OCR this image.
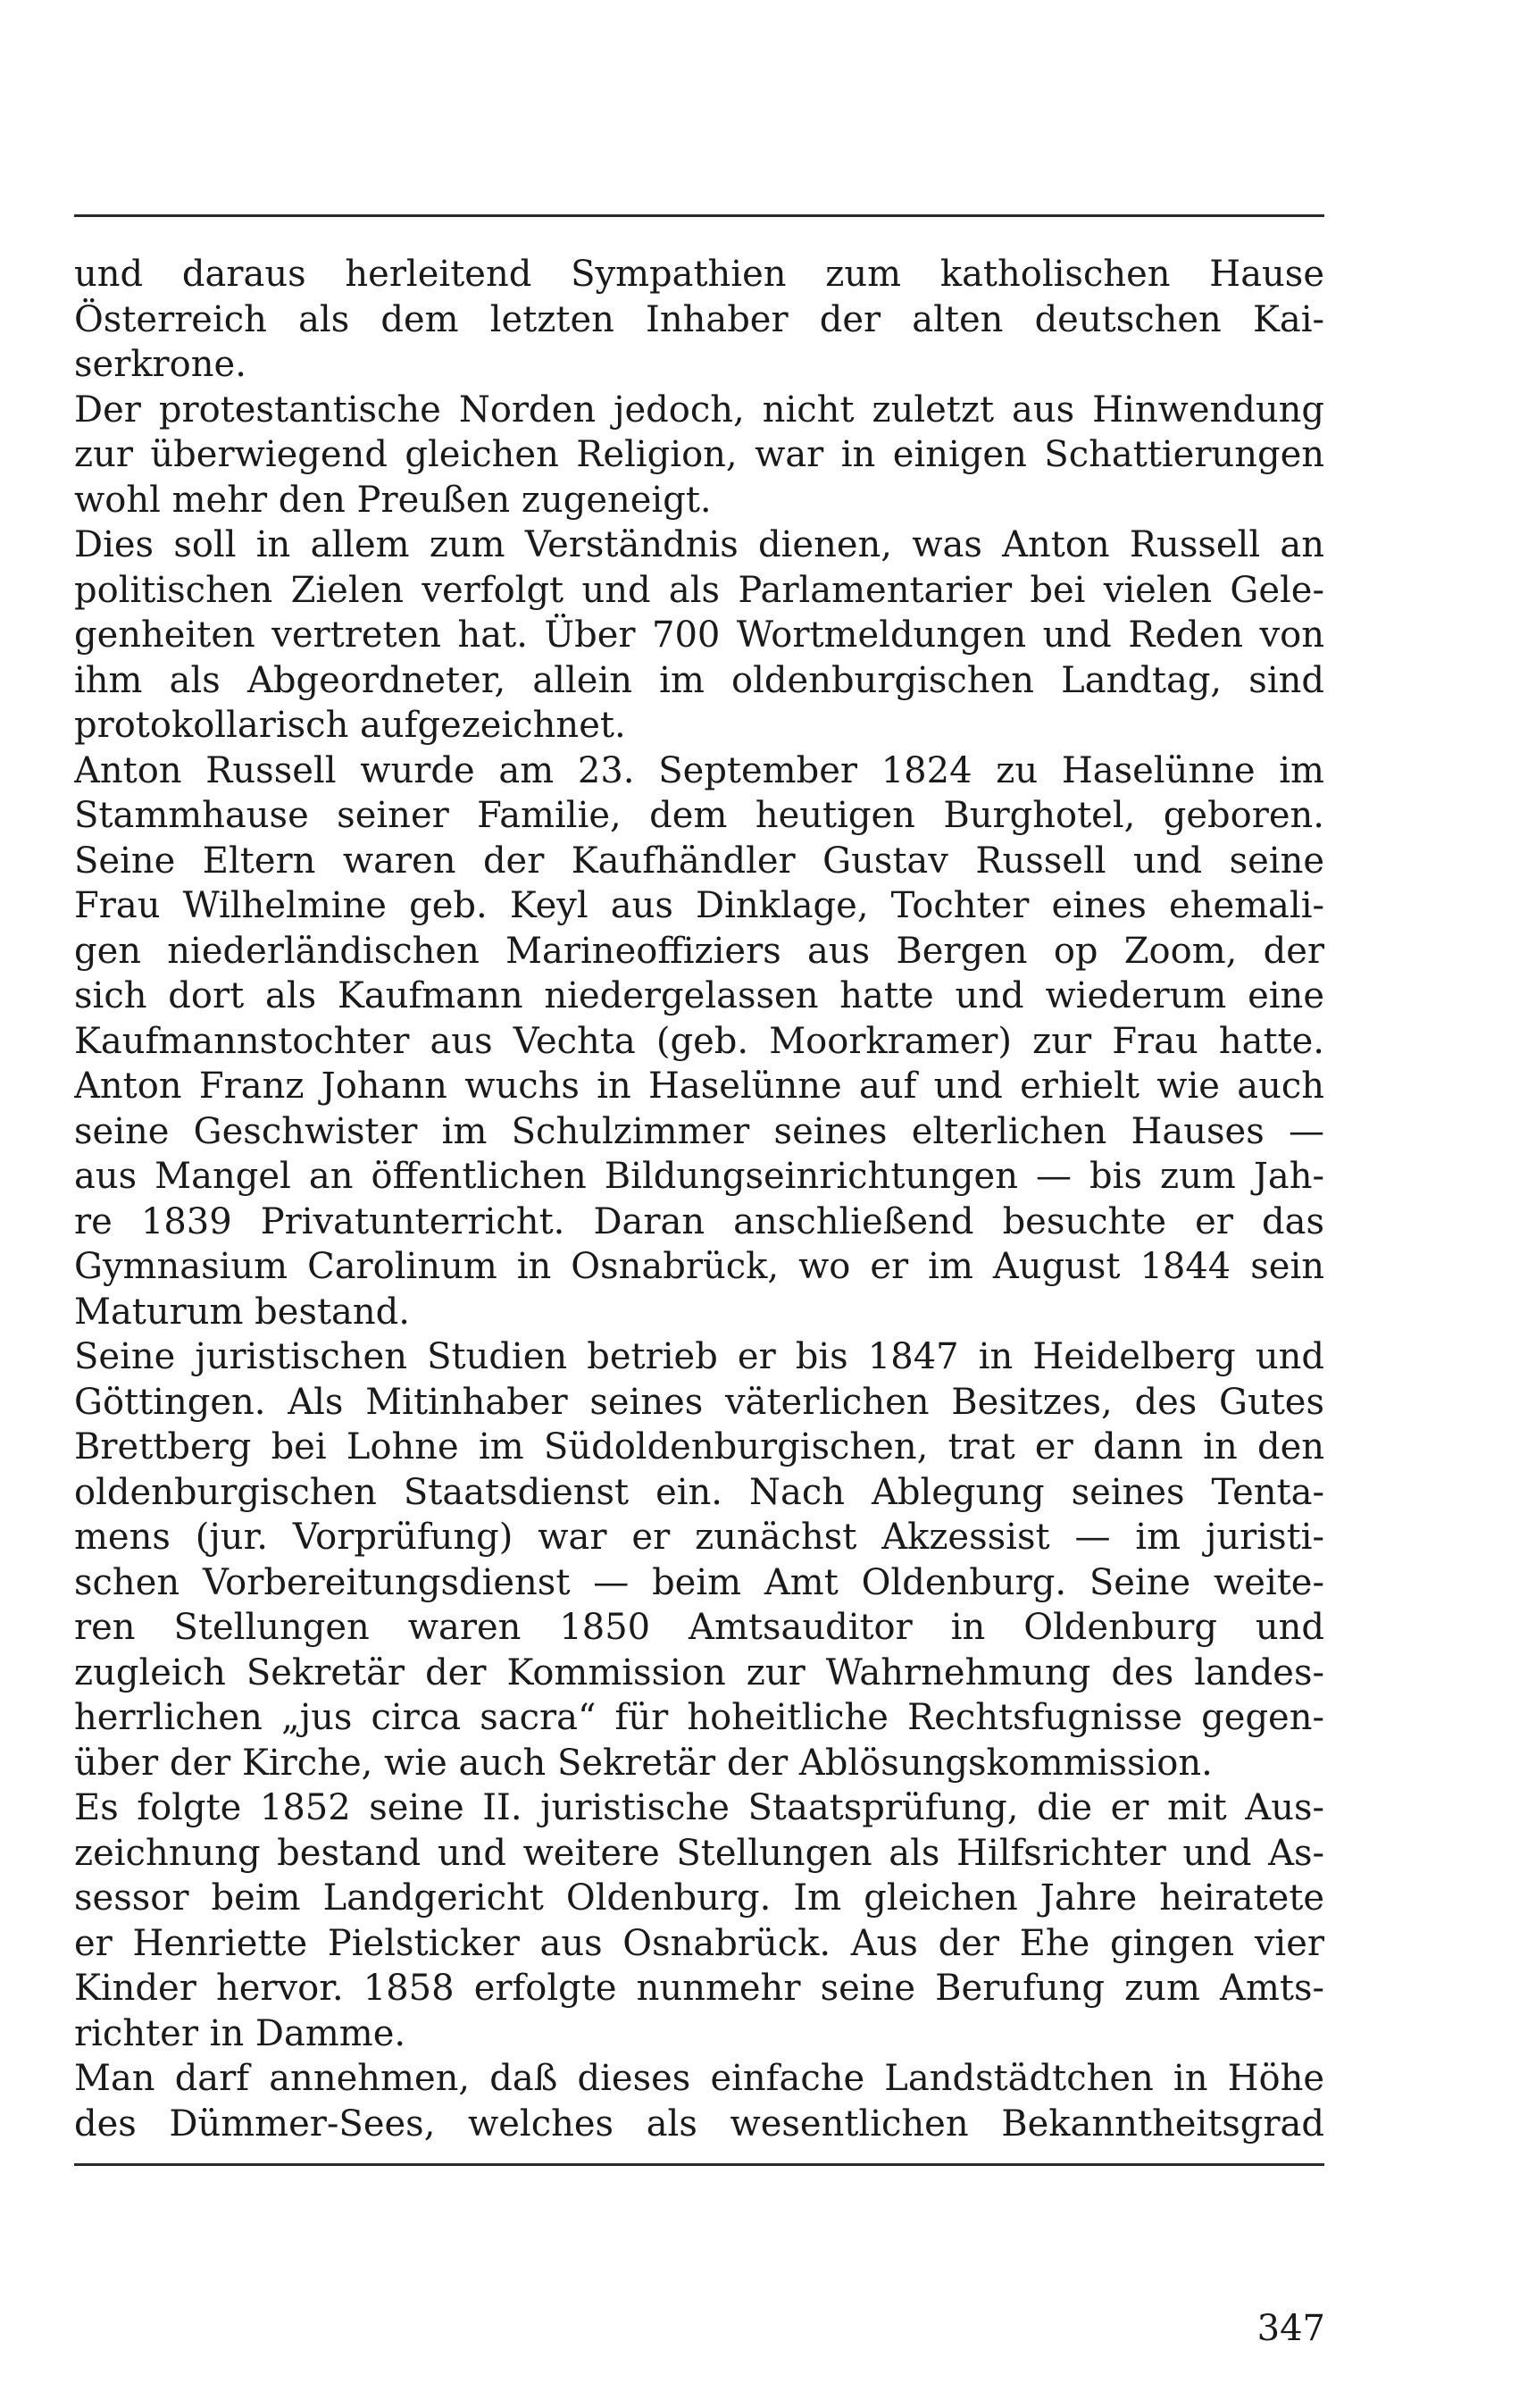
und daraus herleitend Sympathien zum katholischen Hause
Österreich als dem letzten Inhaber der alten deutschen Kai-
serkrone.
Der protestantische Norden jedoch, nicht zuletzt aus Hinwendung
zur überwiegend gleichen Religion, war in einigen Schattierungen
wohl mehr den Preußen zugeneigt.
Dies soll in allem zum Verständnis dienen, was Anton Russell an
politischen Zielen verfolgt und als Parlamentarier bei vielen Gele-
genheiten vertreten hat. Über 700 Wortmeldungen und Reden von
ihm als Abgeordneter, allein im oldenburgischen Landtag, sind
protokollarisch aufgezeichnet.
Anton Russell wurde am 23. September 1824 zu Haselünne im
Stammhause seiner Familie, dem heutigen Burghotel, geboren.
Seine Eltern waren der Kaufhändler Gustav Russell und seine
Frau Wilhelmine geb. Keyl aus Dinklage, Tochter eines ehemali-
gen niederländischen Marineoffiziers aus Bergen op Zoom, der
sich dort als Kaufmann niedergelassen hatte und wiederum eine
Kaufmannstochter aus Vechta (geb. Moorkramer) zur Frau hatte.
Anton Franz Johann wuchs in Haselünne auf und erhielt wie auch
seine Geschwister im Schulzimmer seines elterlichen Hauses —
aus Mangel an öffentlichen Bildungseinrichtungen — bis zum Jah-
re 1839 Privatunterricht. Daran anschließend besuchte er das
Gymnasium Carolinum in Osnabrück, wo er im August 1844 sein
Maturum bestand.
Seine juristischen Studien betrieb er bis 1847 in Heidelberg und
Göttingen. Als Mitinhaber seines väterlichen Besitzes, des Gutes
Brettberg bei Lohne im Südoldenburgischen, trat er dann in den
oldenburgischen Staatsdienst ein. Nach Ablegung seines Tenta-
mens (jur. Vorprüfung) war er zunächst Akzessist — im juristi-
schen Vorbereitungsdienst — beim Amt Oldenburg. Seine weite-
ren Stellungen waren 1850 Amtsauditor in Oldenburg und
zugleich Sekretär der Kommission zur Wahrnehmung des landes-
herrlichen „jus circa sacra“ für hoheitliche Rechtsfugnisse gegen-
über der Kirche, wie auch Sekretär der Ablösungskommission.
Es folgte 1852 seine II. juristische Staatsprüfung, die er mit Aus-
zeichnung bestand und weitere Stellungen als Hilfsrichter und As-
sessor beim Landgericht Oldenburg. Im gleichen Jahre heiratete
er Henriette Pielsticker aus Osnabrück. Aus der Ehe gingen vier
Kinder hervor. 1858 erfolgte nunmehr seine Berufung zum Amts-
richter in Damme.
Man darf annehmen, daß dieses einfache Landstädtchen in Höhe
des Dümmer-Sees, welches als wesentlichen Bekanntheitsgrad
347
